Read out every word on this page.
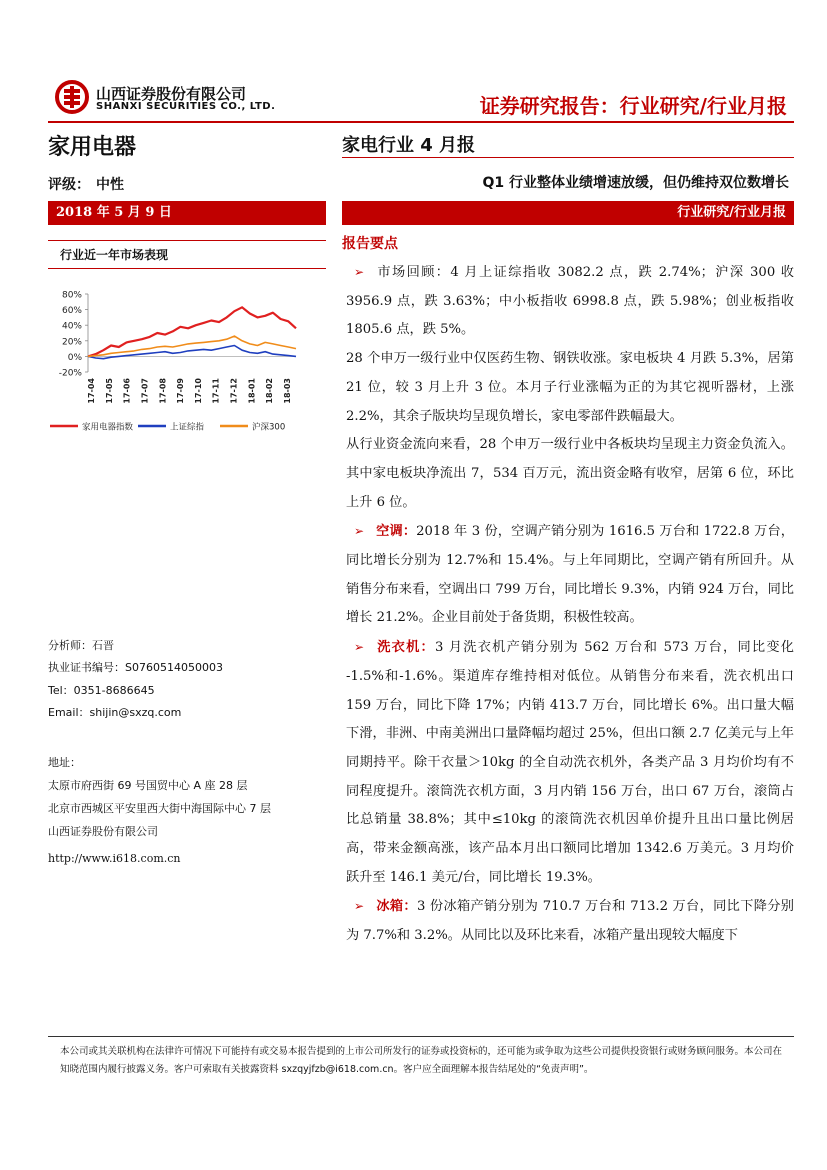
山西证券股份有限公司
SHANXI SECURITIES CO., LTD.	证券研究报告：行业研究/行业月报
家用电器
评级： 中性
2018 年 5 月 9 日
行业近一年市场表现
80%
60%
40%
20%
0%
-20%
17-04 17-05 17-06 17-07 17-08 17-09 17-10 17-11 17-12 18-01 18-02 18-03
家用电器指数	上证综指	沪深300
分析师：石晋
执业证书编号：S0760514050003
Tel：0351-8686645
Email：shijin@sxzq.com
地址：
太原市府西街 69 号国贸中心 A 座 28 层
北京市西城区平安里西大街中海国际中心 7 层
山西证券股份有限公司
http://www.i618.com.cn
家电行业 4 月报
Q1 行业整体业绩增速放缓，但仍维持双位数增长
行业研究/行业月报
报告要点

➢ 市场回顾：4 月上证综指收 3082.2 点，跌 2.74%；沪深 300 收 3956.9 点，跌 3.63%；中小板指收 6998.8 点，跌 5.98%；创业板指收 1805.6 点，跌 5%。

28 个申万一级行业中仅医药生物、钢铁收涨。家电板块 4 月跌 5.3%，居第 21 位，较 3 月上升 3 位。本月子行业涨幅为正的为其它视听器材，上涨 2.2%，其余子版块均呈现负增长，家电零部件跌幅最大。

从行业资金流向来看，28 个申万一级行业中各板块均呈现主力资金负流入。其中家电板块净流出 7，534 百万元，流出资金略有收窄，居第 6 位，环比上升 6 位。

➢ 空调：2018 年 3 份，空调产销分别为 1616.5 万台和 1722.8 万台，同比增长分别为 12.7%和 15.4%。与上年同期比，空调产销有所回升。从销售分布来看，空调出口 799 万台，同比增长 9.3%，内销 924 万台，同比增长 21.2%。企业目前处于备货期，积极性较高。

➢ 洗衣机：3 月洗衣机产销分别为 562 万台和 573 万台，同比变化 -1.5%和-1.6%。渠道库存维持相对低位。从销售分布来看，洗衣机出口 159 万台，同比下降 17%；内销 413.7 万台，同比增长 6%。出口量大幅下滑，非洲、中南美洲出口量降幅均超过 25%，但出口额 2.7 亿美元与上年同期持平。除干衣量＞10kg 的全自动洗衣机外，各类产品 3 月均价均有不同程度提升。滚筒洗衣机方面，3 月内销 156 万台，出口 67 万台，滚筒占比总销量 38.8%；其中≤10kg 的滚筒洗衣机因单价提升且出口量比例居高，带来金额高涨，该产品本月出口额同比增加 1342.6 万美元。3 月均价跃升至 146.1 美元/台，同比增长 19.3%。

➢ 冰箱：3 份冰箱产销分别为 710.7 万台和 713.2 万台，同比下降分别为 7.7%和 3.2%。从同比以及环比来看，冰箱产量出现较大幅度下

本公司或其关联机构在法律许可情况下可能持有或交易本报告提到的上市公司所发行的证券或投资标的，还可能为或争取为这些公司提供投资银行或财务顾问服务。本公司在知晓范围内履行披露义务。客户可索取有关披露资料 sxzqyjfzb@i618.com.cn。客户应全面理解本报告结尾处的“免责声明”。
